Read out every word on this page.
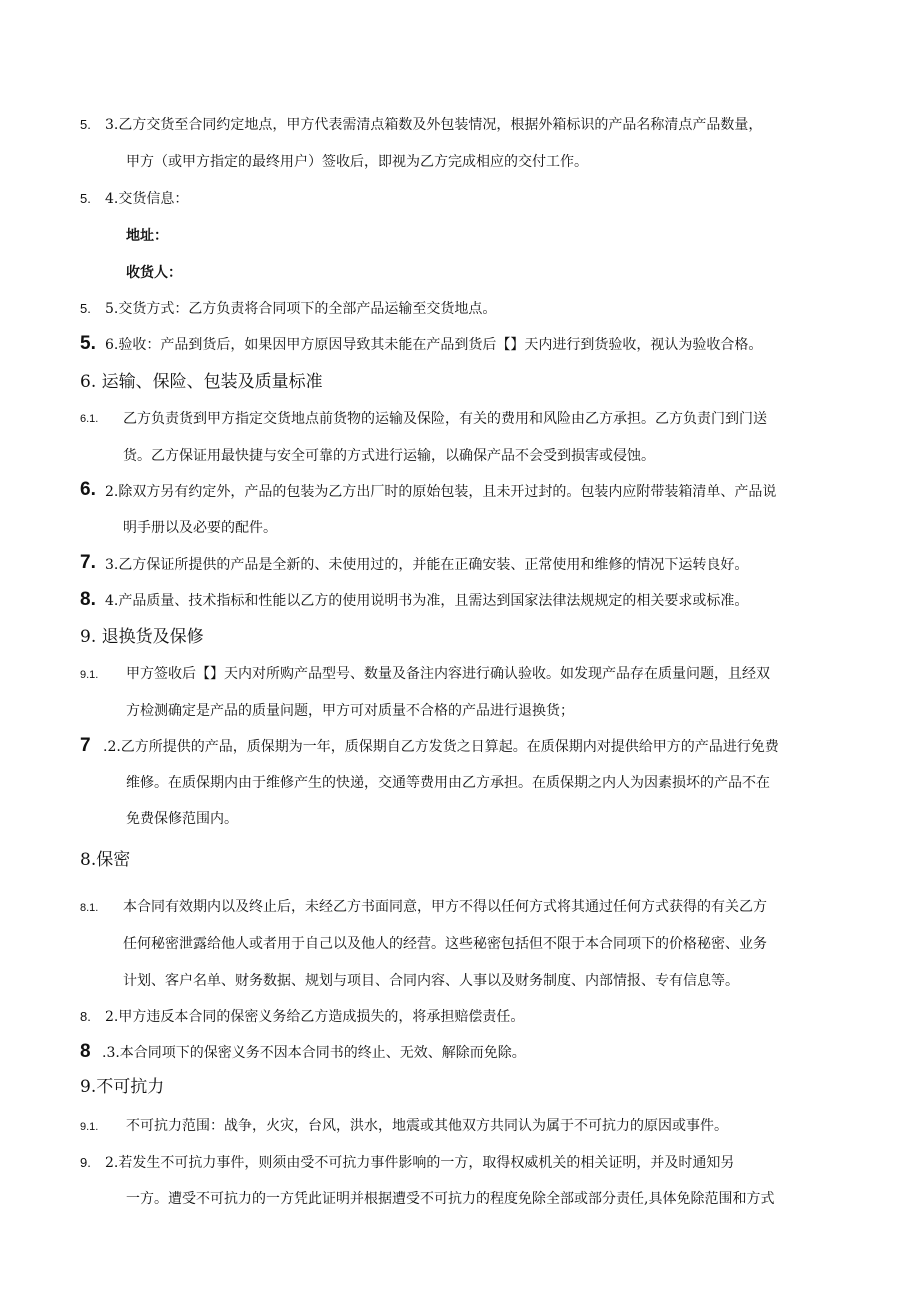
5. 3.乙方交货至合同约定地点，甲方代表需清点箱数及外包装情况，根据外箱标识的产品名称清点产品数量，
甲方（或甲方指定的最终用户）签收后，即视为乙方完成相应的交付工作。
5. 4.交货信息：
地址：
收货人：
5. 5.交货方式：乙方负责将合同项下的全部产品运输至交货地点。
5. 6.验收：产品到货后，如果因甲方原因导致其未能在产品到货后【】天内进行到货验收，视认为验收合格。
6. 运输、保险、包装及质量标准
6.1. 乙方负责货到甲方指定交货地点前货物的运输及保险，有关的费用和风险由乙方承担。乙方负责门到门送
货。乙方保证用最快捷与安全可靠的方式进行运输，以确保产品不会受到损害或侵蚀。
6. 2.除双方另有约定外，产品的包装为乙方出厂时的原始包装，且未开过封的。包装内应附带装箱清单、产品说
明手册以及必要的配件。
7. 3.乙方保证所提供的产品是全新的、未使用过的，并能在正确安装、正常使用和维修的情况下运转良好。
8. 4.产品质量、技术指标和性能以乙方的使用说明书为准，且需达到国家法律法规规定的相关要求或标准。
9. 退换货及保修
9.1. 甲方签收后【】天内对所购产品型号、数量及备注内容进行确认验收。如发现产品存在质量问题，且经双
方检测确定是产品的质量问题，甲方可对质量不合格的产品进行退换货；
7 .2.乙方所提供的产品，质保期为一年，质保期自乙方发货之日算起。在质保期内对提供给甲方的产品进行免费
维修。在质保期内由于维修产生的快递，交通等费用由乙方承担。在质保期之内人为因素损坏的产品不在
免费保修范围内。
8.保密
8.1. 本合同有效期内以及终止后，未经乙方书面同意，甲方不得以任何方式将其通过任何方式获得的有关乙方
任何秘密泄露给他人或者用于自己以及他人的经营。这些秘密包括但不限于本合同项下的价格秘密、业务
计划、客户名单、财务数据、规划与项目、合同内容、人事以及财务制度、内部情报、专有信息等。
8. 2.甲方违反本合同的保密义务给乙方造成损失的，将承担赔偿责任。
8 .3.本合同项下的保密义务不因本合同书的终止、无效、解除而免除。
9.不可抗力
9.1. 不可抗力范围：战争，火灾，台风，洪水，地震或其他双方共同认为属于不可抗力的原因或事件。
9. 2.若发生不可抗力事件，则须由受不可抗力事件影响的一方，取得权威机关的相关证明，并及时通知另
一方。遭受不可抗力的一方凭此证明并根据遭受不可抗力的程度免除全部或部分责任,具体免除范围和方式
